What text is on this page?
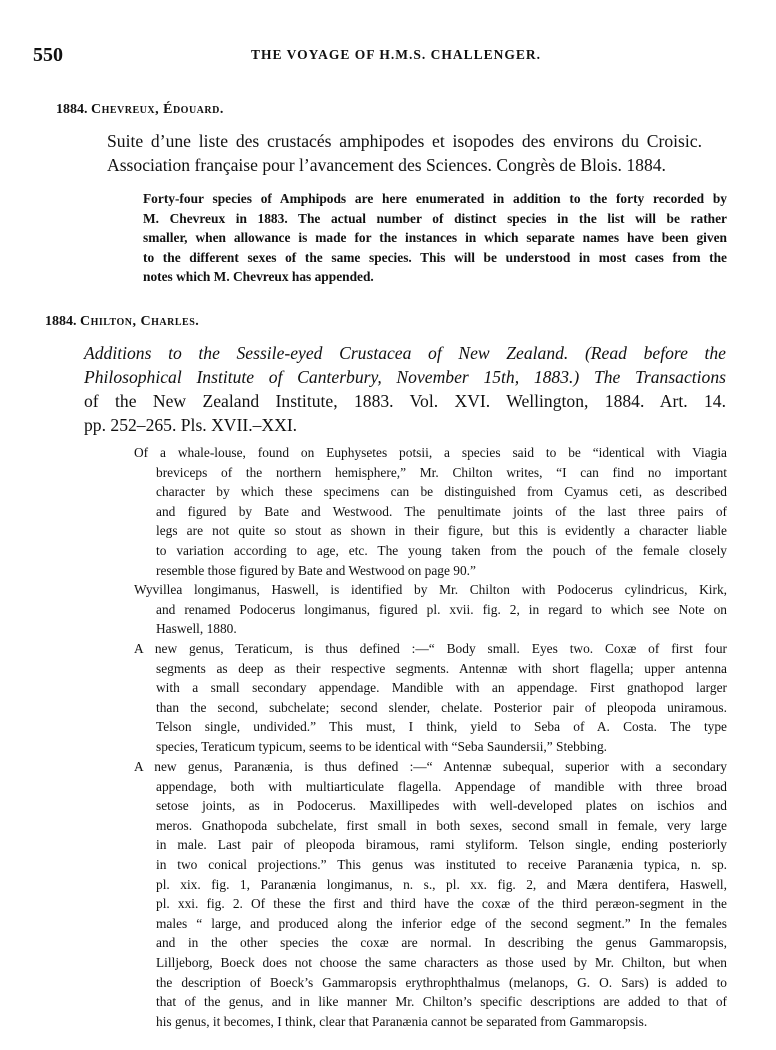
550	THE VOYAGE OF H.M.S. CHALLENGER.
1884. Chevreux, Édouard.
Suite d’une liste des crustacés amphipodes et isopodes des environs du Croisic.
Association française pour l’avancement des Sciences. Congrès de Blois. 1884.
Forty-four species of Amphipods are here enumerated in addition to the forty recorded by
M. Chevreux in 1883. The actual number of distinct species in the list will be rather
smaller, when allowance is made for the instances in which separate names have been given
to the different sexes of the same species. This will be understood in most cases from the
notes which M. Chevreux has appended.
1884. Chilton, Charles.
Additions to the Sessile-eyed Crustacea of New Zealand. (Read before the
Philosophical Institute of Canterbury, November 15th, 1883.) The Transactions
of the New Zealand Institute, 1883. Vol. XVI. Wellington, 1884. Art. 14.
pp. 252–265. Pls. XVII.–XXI.
Of a whale-louse, found on Euphysetes potsii, a species said to be “identical with Viagia
breviceps of the northern hemisphere,” Mr. Chilton writes, “I can find no important
character by which these specimens can be distinguished from Cyamus ceti, as described
and figured by Bate and Westwood. The penultimate joints of the last three pairs of
legs are not quite so stout as shown in their figure, but this is evidently a character liable
to variation according to age, etc. The young taken from the pouch of the female closely
resemble those figured by Bate and Westwood on page 90.”
Wyvillea longimanus, Haswell, is identified by Mr. Chilton with Podocerus cylindricus, Kirk,
and renamed Podocerus longimanus, figured pl. xvii. fig. 2, in regard to which see Note on
Haswell, 1880.
A new genus, Teraticum, is thus defined :—“ Body small. Eyes two. Coxæ of first four
segments as deep as their respective segments. Antennæ with short flagella; upper antenna
with a small secondary appendage. Mandible with an appendage. First gnathopod larger
than the second, subchelate; second slender, chelate. Posterior pair of pleopoda uniramous.
Telson single, undivided.” This must, I think, yield to Seba of A. Costa. The type
species, Teraticum typicum, seems to be identical with “Seba Saundersii,” Stebbing.
A new genus, Paranænia, is thus defined :—“ Antennæ subequal, superior with a secondary
appendage, both with multiarticulate flagella. Appendage of mandible with three broad
setose joints, as in Podocerus. Maxillipedes with well-developed plates on ischios and
meros. Gnathopoda subchelate, first small in both sexes, second small in female, very large
in male. Last pair of pleopoda biramous, rami styliform. Telson single, ending posteriorly
in two conical projections.” This genus was instituted to receive Paranænia typica, n. sp.
pl. xix. fig. 1, Paranænia longimanus, n. s., pl. xx. fig. 2, and Mæra dentifera, Haswell,
pl. xxi. fig. 2. Of these the first and third have the coxæ of the third peræon-segment in the
males “ large, and produced along the inferior edge of the second segment.” In the females
and in the other species the coxæ are normal. In describing the genus Gammaropsis,
Lilljeborg, Boeck does not choose the same characters as those used by Mr. Chilton, but when
the description of Boeck’s Gammaropsis erythrophthalmus (melanops, G. O. Sars) is added to
that of the genus, and in like manner Mr. Chilton’s specific descriptions are added to that of
his genus, it becomes, I think, clear that Paranænia cannot be separated from Gammaropsis.
